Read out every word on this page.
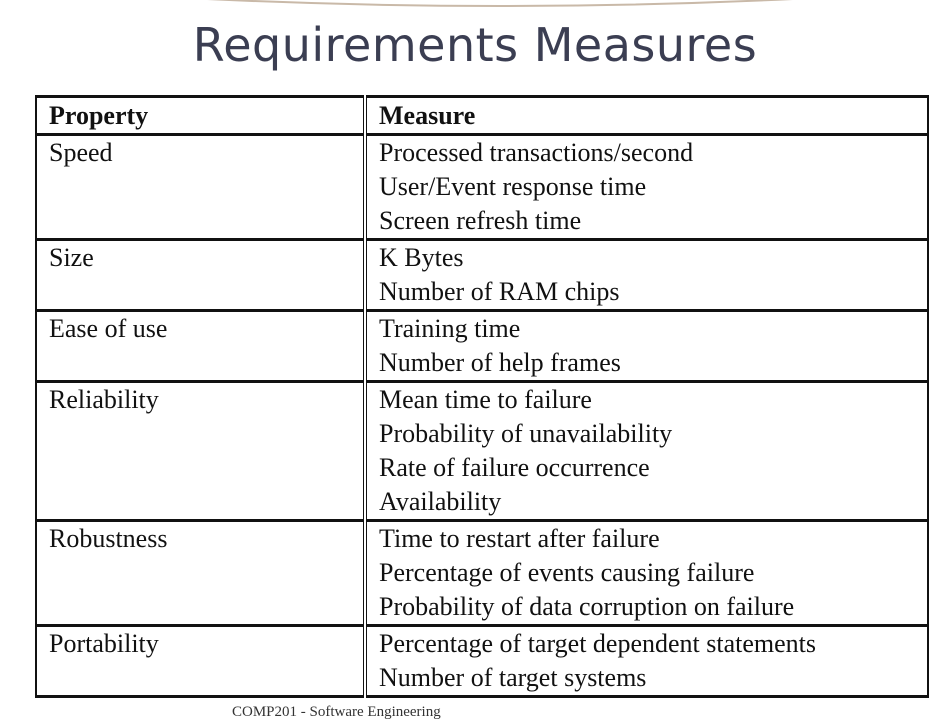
Requirements Measures
Property	Measure
Speed	Processed transactions/second
User/Event response time
Screen refresh time

Size	K Bytes
Number of RAM chips

Ease of use	Training time
Number of help frames

Reliability	Mean time to failure
Probability of unavailability
Rate of failure occurrence
Availability

Robustness	Time to restart after failure
Percentage of events causing failure
Probability of data corruption on failure

Portability	Percentage of target dependent statements
Number of target systems
COMP201 - Software Engineering
